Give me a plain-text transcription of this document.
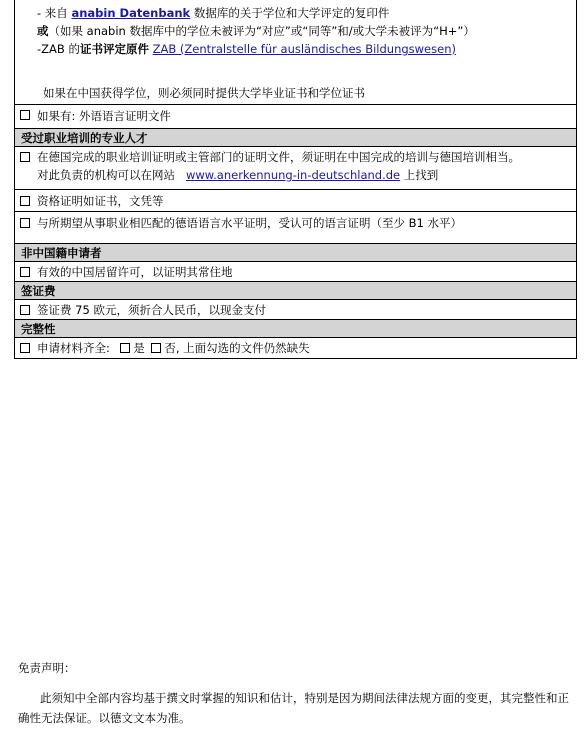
- 来自 anabin Datenbank 数据库的关于学位和大学评定的复印件
或（如果 anabin 数据库中的学位未被评为“对应”或“同等”和/或大学未被评为“H+”）
-ZAB 的证书评定原件 ZAB (Zentralstelle für ausländisches Bildungswesen)
如果在中国获得学位，则必须同时提供大学毕业证书和学位证书
如果有: 外语语言证明文件
受过职业培训的专业人才
在德国完成的职业培训证明或主管部门的证明文件，须证明在中国完成的培训与德国培训相当。
对此负责的机构可以在网站 www.anerkennung-in-deutschland.de 上找到
资格证明如证书，文凭等
与所期望从事职业相匹配的德语语言水平证明，受认可的语言证明（至少 B1 水平）
非中国籍申请者
有效的中国居留许可，以证明其常住地
签证费
签证费 75 欧元，须折合人民币，以现金支付
完整性
申请材料齐全: 是 否, 上面勾选的文件仍然缺失
免责声明：
此须知中全部内容均基于撰文时掌握的知识和估计，特别是因为期间法律法规方面的变更，其完整性和正确性无法保证。以德文文本为准。
